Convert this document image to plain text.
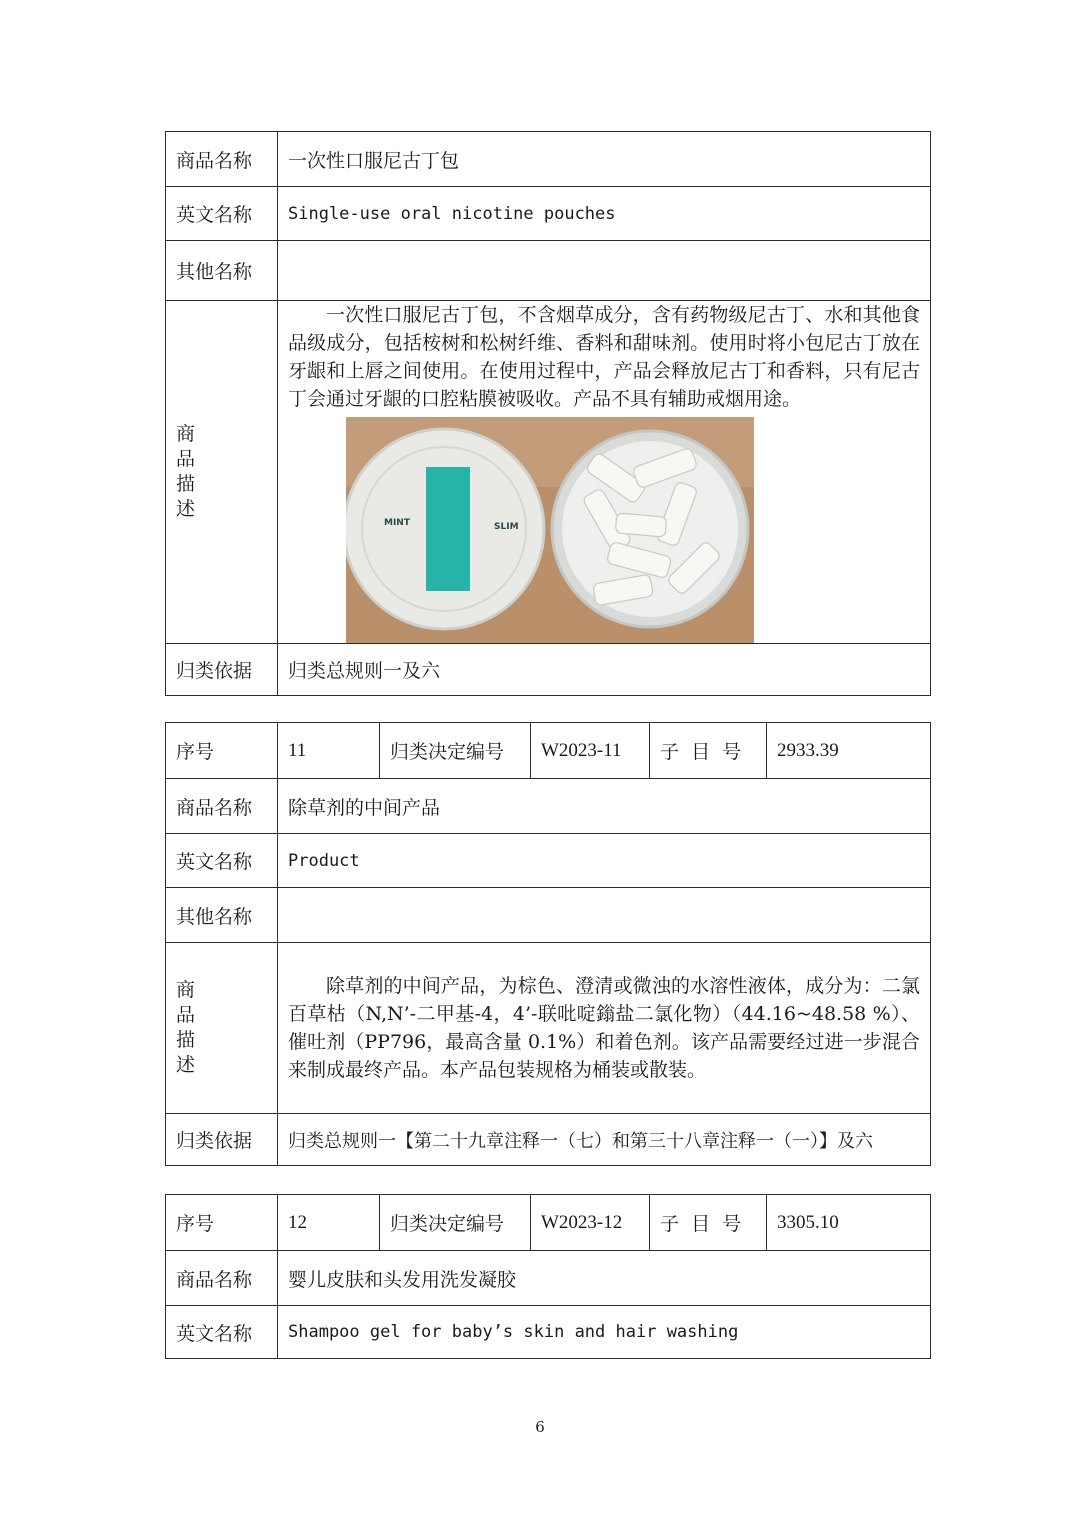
商品名称	一次性口服尼古丁包
英文名称	Single-use oral nicotine pouches
其他名称	
商品描述	一次性口服尼古丁包，不含烟草成分，含有药物级尼古丁、水和其他食品级成分，包括桉树和松树纤维、香料和甜味剂。使用时将小包尼古丁放在牙龈和上唇之间使用。在使用过程中，产品会释放尼古丁和香料，只有尼古丁会通过牙龈的口腔粘膜被吸收。产品不具有辅助戒烟用途。

MINT SLIM

归类依据	归类总规则一及六
序号	11	归类决定编号	W2023-11	子  目  号	2933.39
商品名称	除草剂的中间产品				
英文名称	Product				
其他名称					
商品描述	除草剂的中间产品，为棕色、澄清或微浊的水溶性液体，成分为：二氯百草枯（N,N’-二甲基-4，4’-联吡啶鎓盐二氯化物）（44.16~48.58 %）、催吐剂（PP796，最高含量 0.1%）和着色剂。该产品需要经过进一步混合来制成最终产品。本产品包装规格为桶装或散装。				

归类依据	归类总规则一【第二十九章注释一（七）和第三十八章注释一（一）】及六				
序号	12	归类决定编号	W2023-12	子  目  号	3305.10
商品名称	婴儿皮肤和头发用洗发凝胶				
英文名称	Shampoo gel for baby’s skin and hair washing				
6
